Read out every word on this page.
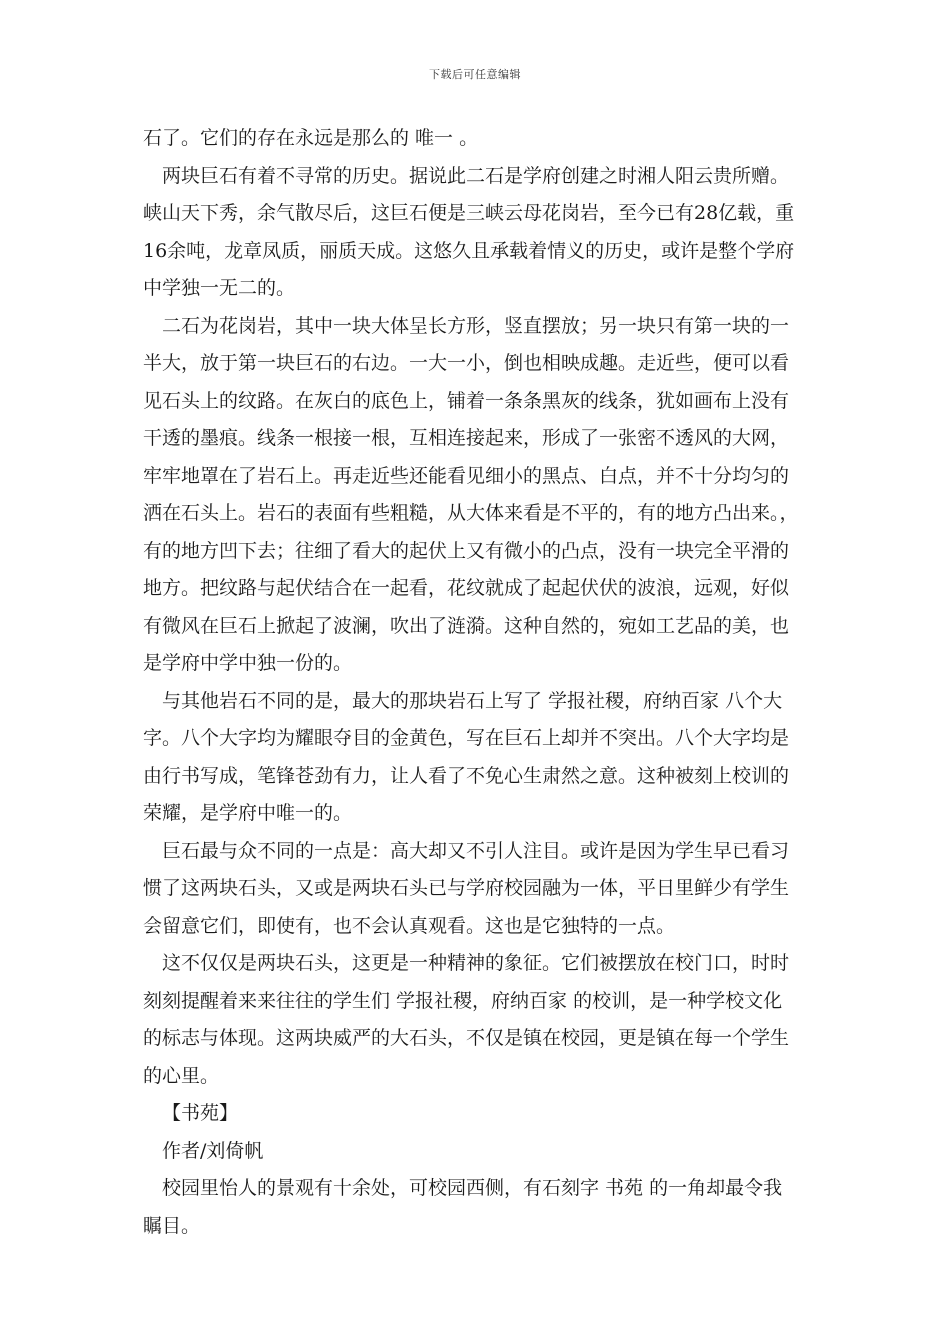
下载后可任意编辑

石了。它们的存在永远是那么的 唯一 。

两块巨石有着不寻常的历史。据说此二石是学府创建之时湘人阳云贵所赠。
峡山天下秀，余气散尽后，这巨石便是三峡云母花岗岩，至今已有28亿载，重
16余吨，龙章凤质，丽质天成。这悠久且承载着情义的历史，或许是整个学府
中学独一无二的。

二石为花岗岩，其中一块大体呈长方形，竖直摆放；另一块只有第一块的一
半大，放于第一块巨石的右边。一大一小，倒也相映成趣。走近些，便可以看
见石头上的纹路。在灰白的底色上，铺着一条条黑灰的线条，犹如画布上没有
干透的墨痕。线条一根接一根，互相连接起来，形成了一张密不透风的大网，
牢牢地罩在了岩石上。再走近些还能看见细小的黑点、白点，并不十分均匀的
洒在石头上。岩石的表面有些粗糙，从大体来看是不平的，有的地方凸出来。，
有的地方凹下去；往细了看大的起伏上又有微小的凸点，没有一块完全平滑的
地方。把纹路与起伏结合在一起看，花纹就成了起起伏伏的波浪，远观，好似
有微风在巨石上掀起了波澜，吹出了涟漪。这种自然的，宛如工艺品的美，也
是学府中学中独一份的。

与其他岩石不同的是，最大的那块岩石上写了 学报社稷，府纳百家 八个大
字。八个大字均为耀眼夺目的金黄色，写在巨石上却并不突出。八个大字均是
由行书写成，笔锋苍劲有力，让人看了不免心生肃然之意。这种被刻上校训的
荣耀，是学府中唯一的。

巨石最与众不同的一点是：高大却又不引人注目。或许是因为学生早已看习
惯了这两块石头，又或是两块石头已与学府校园融为一体，平日里鲜少有学生
会留意它们，即使有，也不会认真观看。这也是它独特的一点。

这不仅仅是两块石头，这更是一种精神的象征。它们被摆放在校门口，时时
刻刻提醒着来来往往的学生们 学报社稷，府纳百家 的校训，是一种学校文化
的标志与体现。这两块威严的大石头，不仅是镇在校园，更是镇在每一个学生
的心里。

【书苑】

作者/刘倚帆

校园里怡人的景观有十余处，可校园西侧，有石刻字 书苑 的一角却最令我
瞩目。
